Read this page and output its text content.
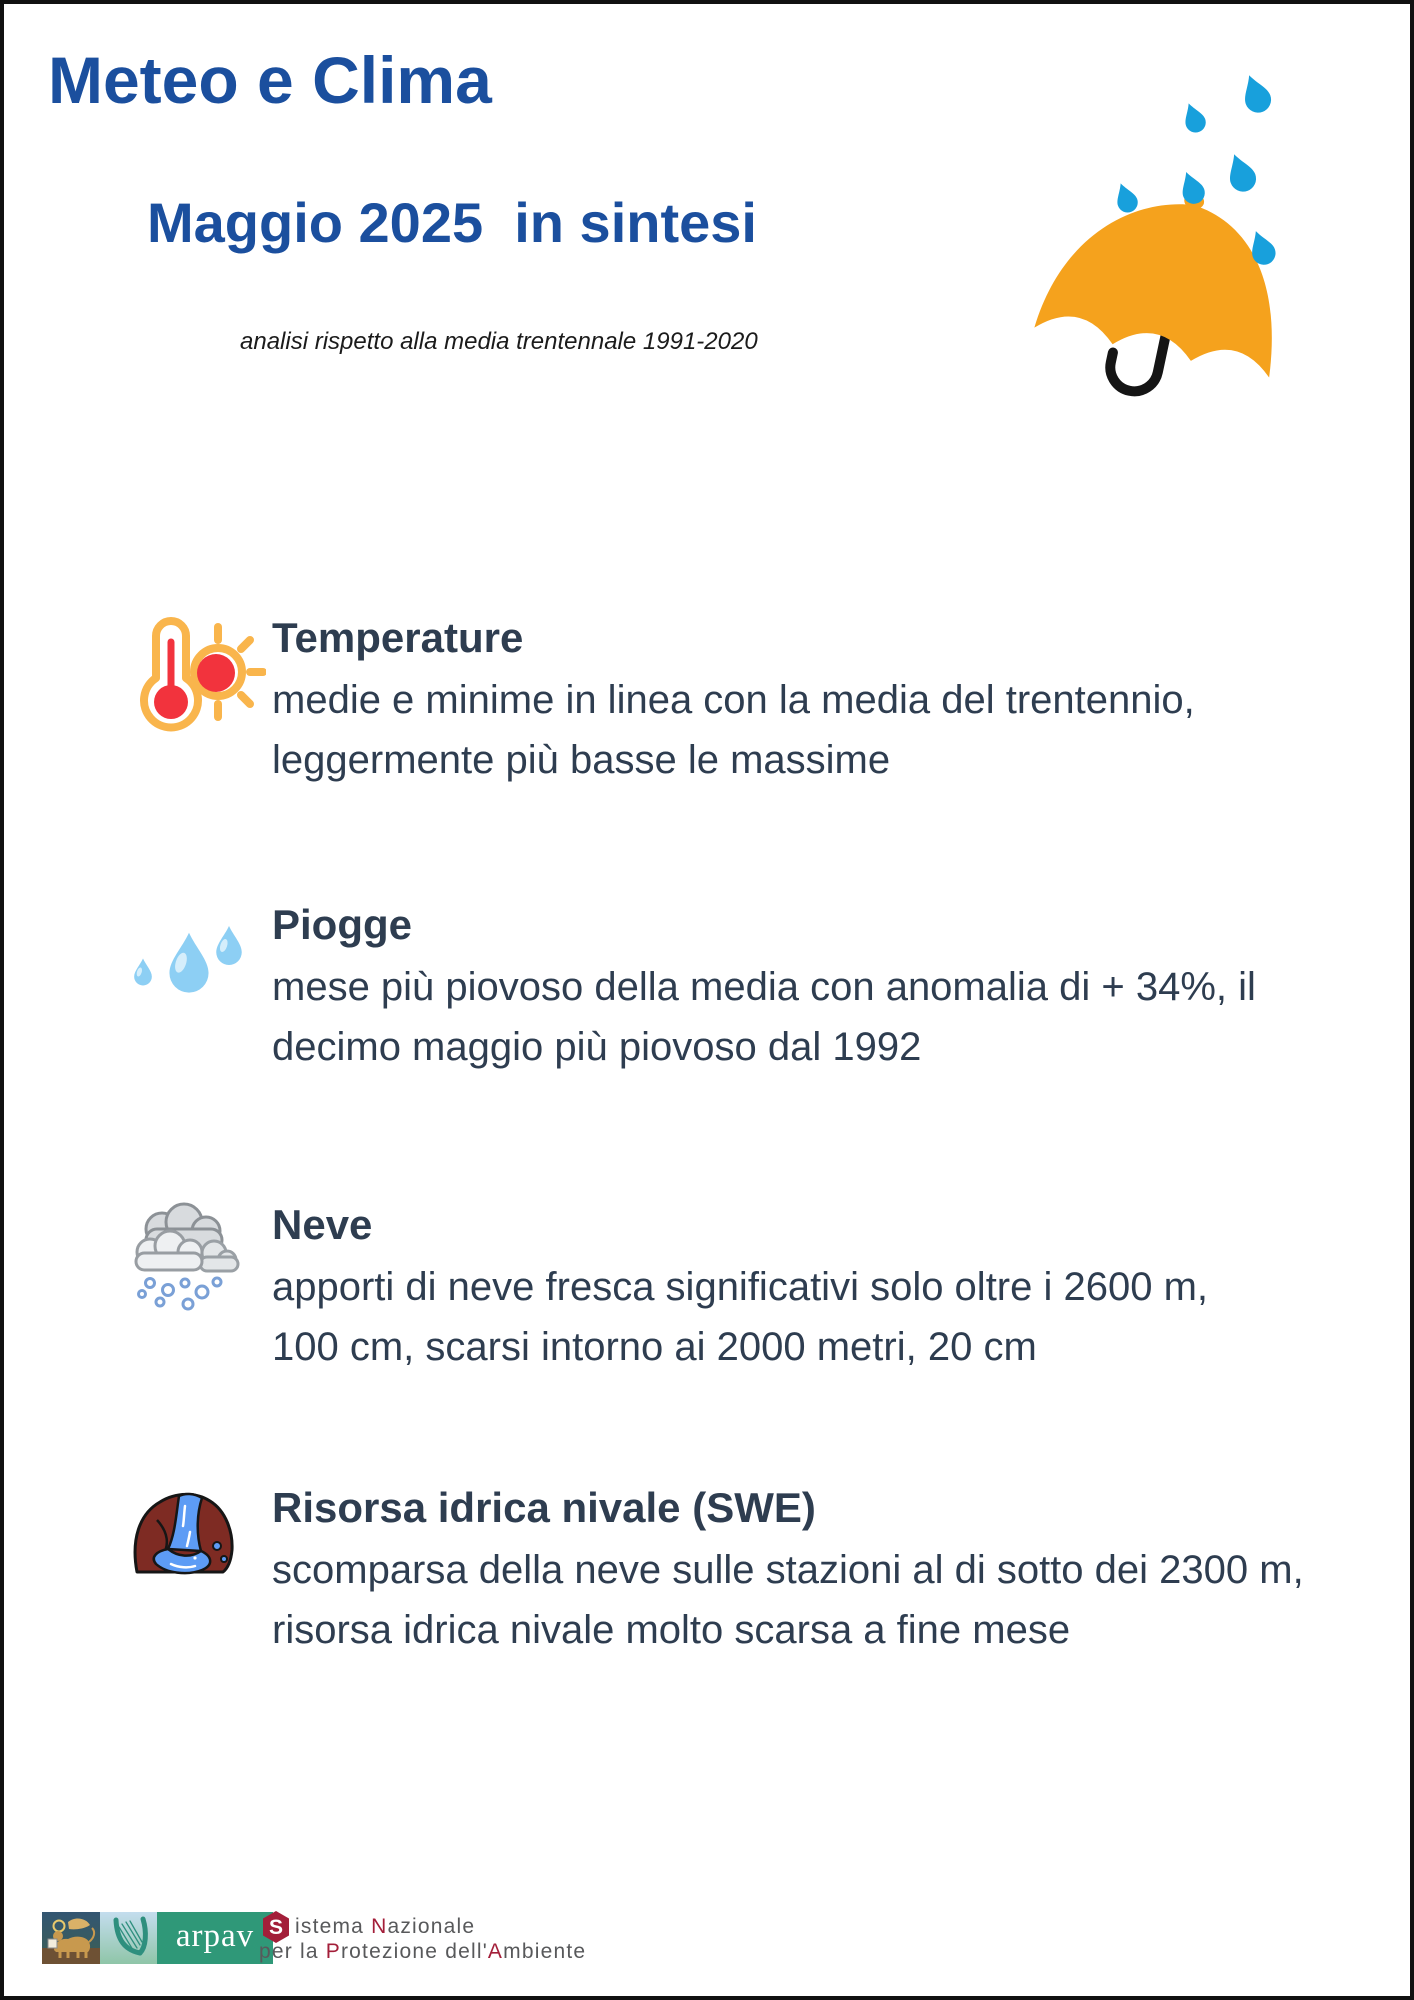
Meteo e Clima
Maggio 2025  in sintesi
analisi rispetto alla media trentennale 1991-2020
Temperature
medie e minime in linea con la media del trentennio,
leggermente più basse le massime
Piogge
mese più piovoso della media con anomalia di + 34%, il
decimo maggio più piovoso dal 1992
Neve
apporti di neve fresca significativi solo oltre i 2600 m,
100 cm, scarsi intorno ai 2000 metri, 20 cm
Risorsa idrica nivale (SWE)
scomparsa della neve sulle stazioni al di sotto dei 2300 m,
risorsa idrica nivale molto scarsa a fine mese
arpav S istema Nazionale
per la Protezione dell'Ambiente
